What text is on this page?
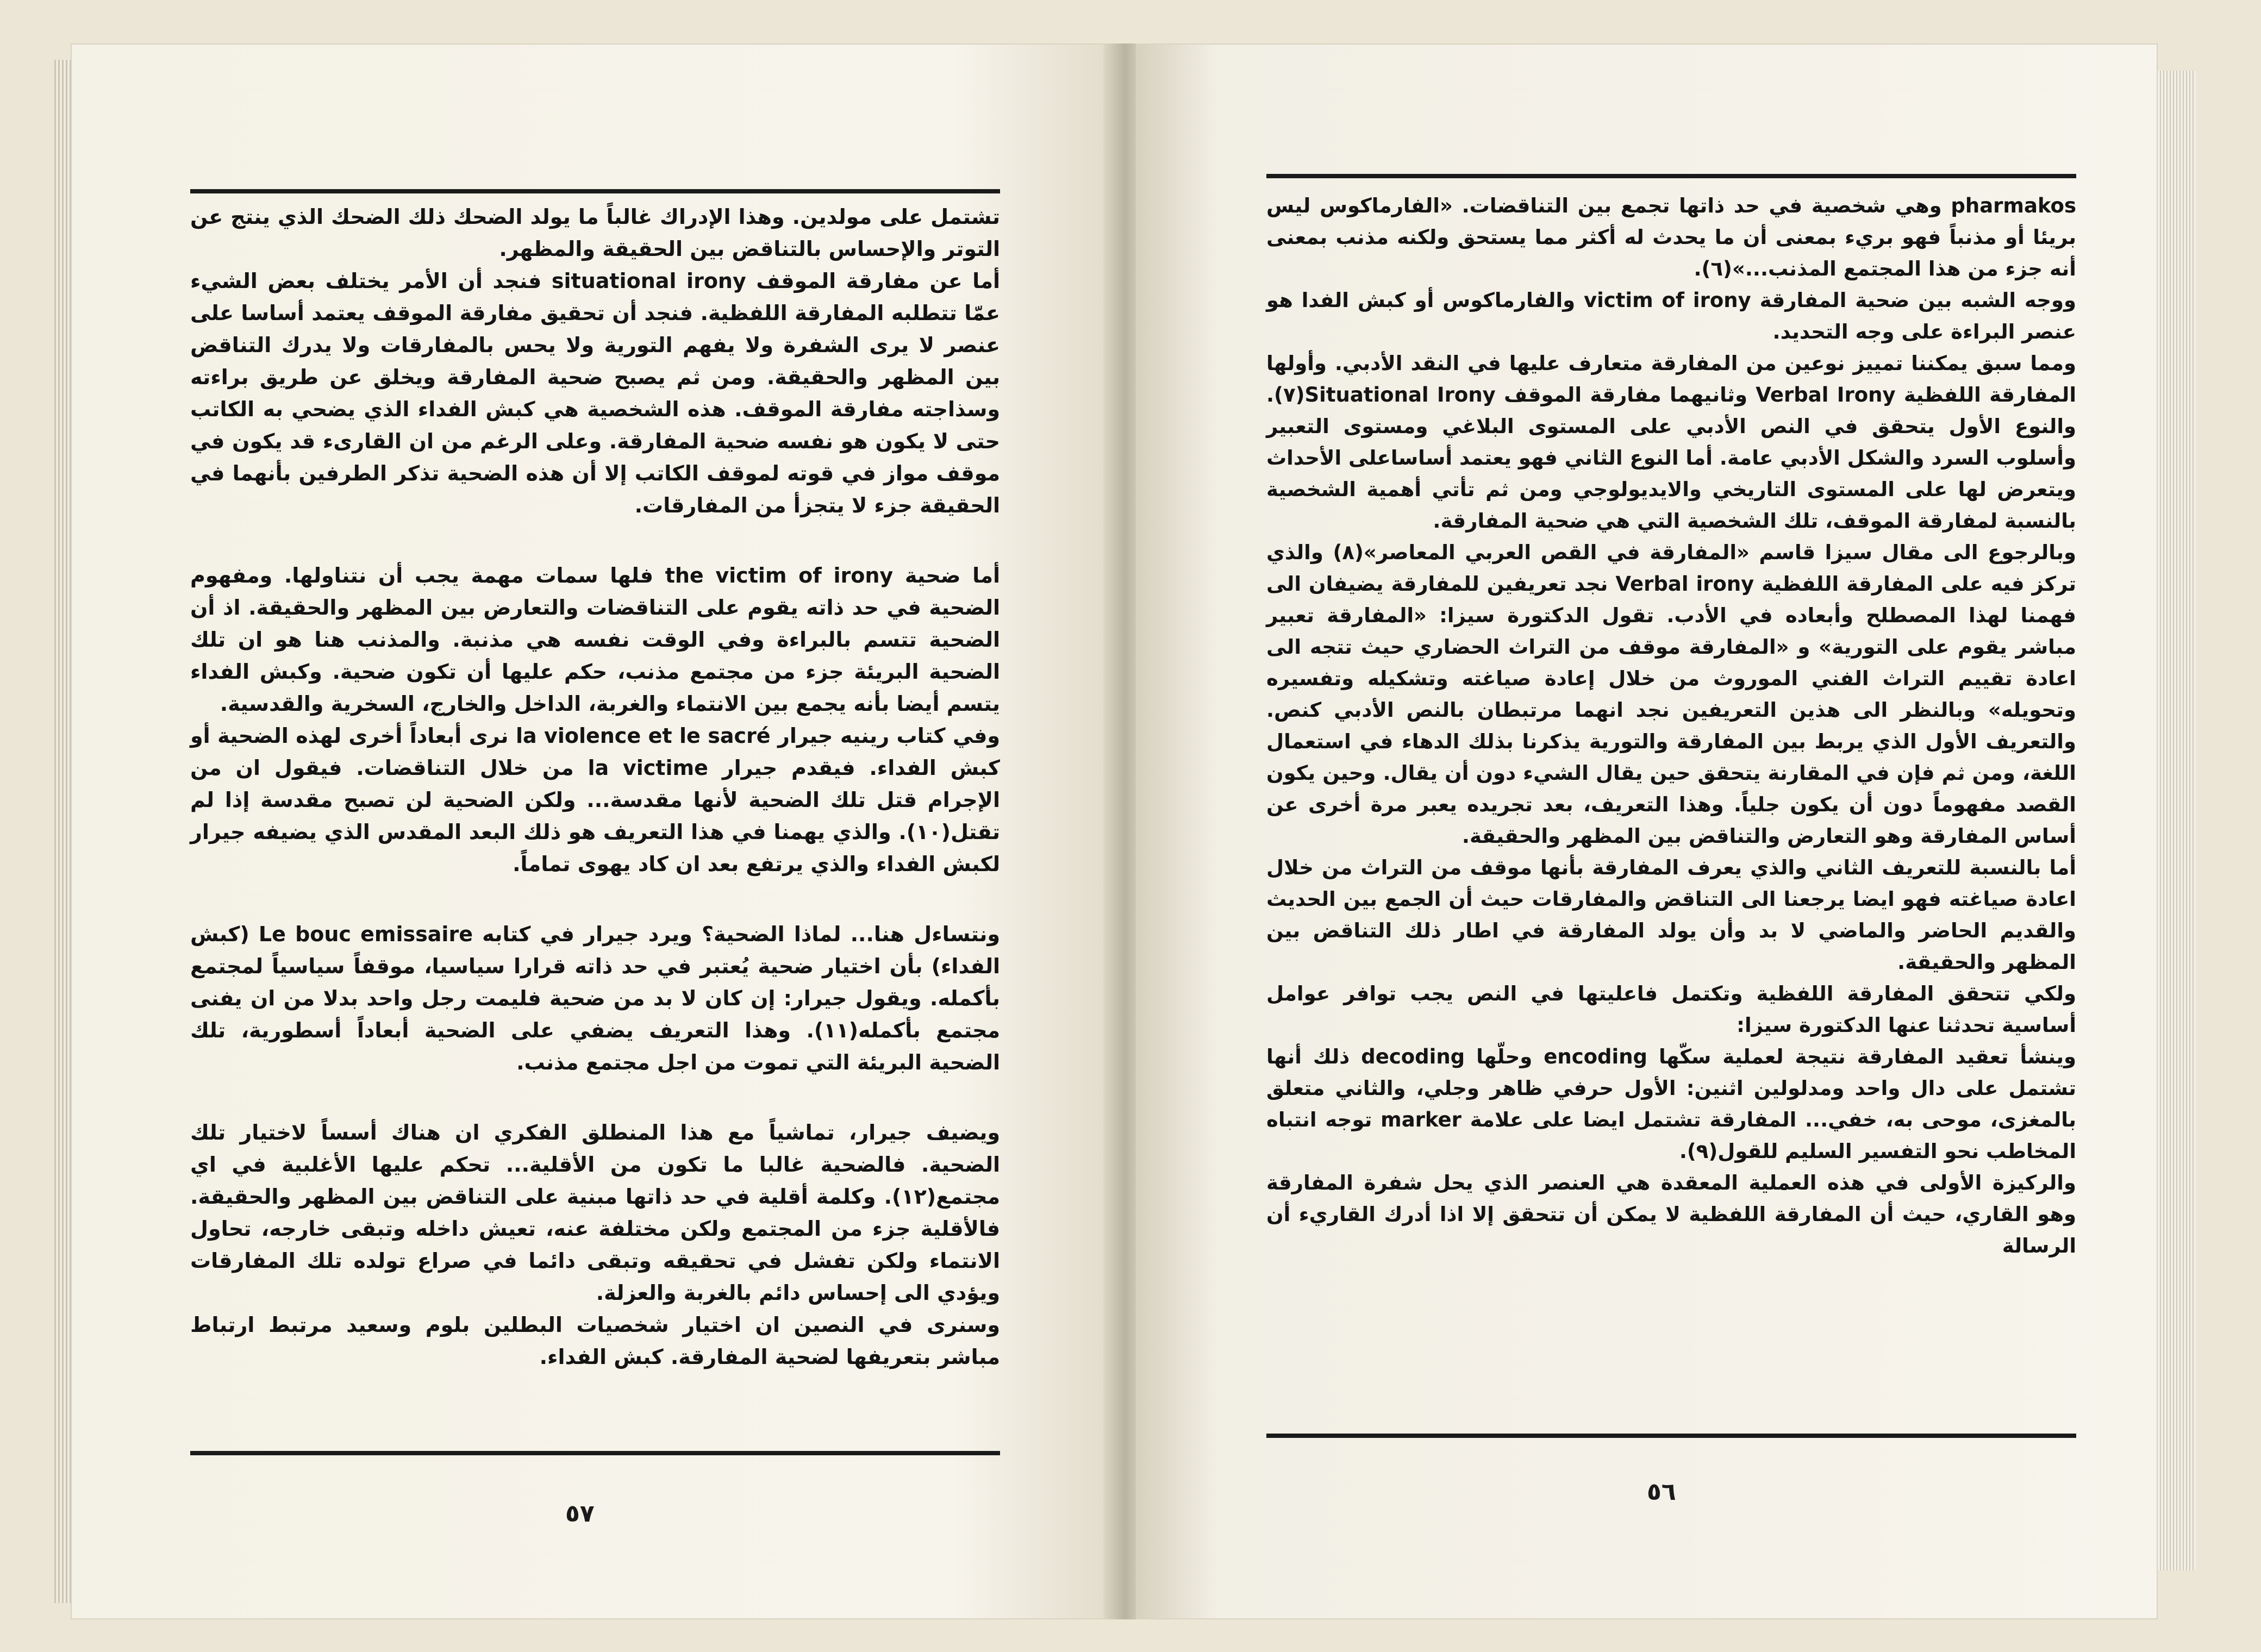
تشتمل على مولدين. وهذا الإدراك غالباً ما يولد الضحك ذلك الضحك الذي ينتج عن التوتر والإحساس بالتناقض بين الحقيقة والمظهر.

أما عن مفارقة الموقف situational irony فنجد أن الأمر يختلف بعض الشيء عمّا تتطلبه المفارقة اللفظية. فنجد أن تحقيق مفارقة الموقف يعتمد أساسا على عنصر لا يرى الشفرة ولا يفهم التورية ولا يحس بالمفارقات ولا يدرك التناقض بين المظهر والحقيقة. ومن ثم يصبح ضحية المفارقة ويخلق عن طريق براءته وسذاجته مفارقة الموقف. هذه الشخصية هي كبش الفداء الذي يضحي به الكاتب حتى لا يكون هو نفسه ضحية المفارقة. وعلى الرغم من ان القارىء قد يكون في موقف مواز في قوته لموقف الكاتب إلا أن هذه الضحية تذكر الطرفين بأنهما في الحقيقة جزء لا يتجزأ من المفارقات.

أما ضحية the victim of irony فلها سمات مهمة يجب أن نتناولها. ومفهوم الضحية في حد ذاته يقوم على التناقضات والتعارض بين المظهر والحقيقة. اذ أن الضحية تتسم بالبراءة وفي الوقت نفسه هي مذنبة. والمذنب هنا هو ان تلك الضحية البريئة جزء من مجتمع مذنب، حكم عليها أن تكون ضحية. وكبش الفداء يتسم أيضا بأنه يجمع بين الانتماء والغربة، الداخل والخارج، السخرية والقدسية.

وفي كتاب رينيه جيرار la violence et le sacré نرى أبعاداً أخرى لهذه الضحية أو كبش الفداء. فيقدم جيرار la victime من خلال التناقضات. فيقول ان من الإجرام قتل تلك الضحية لأنها مقدسة... ولكن الضحية لن تصبح مقدسة إذا لم تقتل(١٠). والذي يهمنا في هذا التعريف هو ذلك البعد المقدس الذي يضيفه جيرار لكبش الفداء والذي يرتفع بعد ان كاد يهوى تماماً.

ونتساءل هنا... لماذا الضحية؟ ويرد جيرار في كتابه Le bouc emissaire (كبش الفداء) بأن اختيار ضحية يُعتبر في حد ذاته قرارا سياسيا، موقفاً سياسياً لمجتمع بأكمله. ويقول جيرار: إن كان لا بد من ضحية فليمت رجل واحد بدلا من ان يفنى مجتمع بأكمله(١١). وهذا التعريف يضفي على الضحية أبعاداً أسطورية، تلك الضحية البريئة التي تموت من اجل مجتمع مذنب.

ويضيف جيرار، تماشياً مع هذا المنطلق الفكري ان هناك أسساً لاختيار تلك الضحية. فالضحية غالبا ما تكون من الأقلية... تحكم عليها الأغلبية في اي مجتمع(١٢). وكلمة أقلية في حد ذاتها مبنية على التناقض بين المظهر والحقيقة. فالأقلية جزء من المجتمع ولكن مختلفة عنه، تعيش داخله وتبقى خارجه، تحاول الانتماء ولكن تفشل في تحقيقه وتبقى دائما في صراع تولده تلك المفارقات ويؤدي الى إحساس دائم بالغربة والعزلة.

وسنرى في النصين ان اختيار شخصيات البطلين بلوم وسعيد مرتبط ارتباط مباشر بتعريفها لضحية المفارقة. كبش الفداء.

٥٧

pharmakos وهي شخصية في حد ذاتها تجمع بين التناقضات. «الفارماكوس ليس بريئا أو مذنباً فهو بريء بمعنى أن ما يحدث له أكثر مما يستحق ولكنه مذنب بمعنى أنه جزء من هذا المجتمع المذنب...»(٦).

ووجه الشبه بين ضحية المفارقة victim of irony والفارماكوس أو كبش الفدا هو عنصر البراءة على وجه التحديد.

ومما سبق يمكننا تمييز نوعين من المفارقة متعارف عليها في النقد الأدبي. وأولها المفارقة اللفظية Verbal Irony وثانيهما مفارقة الموقف Situational Irony(٧). والنوع الأول يتحقق في النص الأدبي على المستوى البلاغي ومستوى التعبير وأسلوب السرد والشكل الأدبي عامة. أما النوع الثاني فهو يعتمد أساساعلى الأحداث ويتعرض لها على المستوى التاريخي والايديولوجي ومن ثم تأتي أهمية الشخصية بالنسبة لمفارقة الموقف، تلك الشخصية التي هي ضحية المفارقة.

وبالرجوع الى مقال سيزا قاسم «المفارقة في القص العربي المعاصر»(٨) والذي تركز فيه على المفارقة اللفظية Verbal irony نجد تعريفين للمفارقة يضيفان الى فهمنا لهذا المصطلح وأبعاده في الأدب. تقول الدكتورة سيزا: «المفارقة تعبير مباشر يقوم على التورية» و «المفارقة موقف من التراث الحضاري حيث تتجه الى اعادة تقييم التراث الفني الموروث من خلال إعادة صياغته وتشكيله وتفسيره وتحويله» وبالنظر الى هذين التعريفين نجد انهما مرتبطان بالنص الأدبي كنص. والتعريف الأول الذي يربط بين المفارقة والتورية يذكرنا بذلك الدهاء في استعمال اللغة، ومن ثم فإن في المقارنة يتحقق حين يقال الشيء دون أن يقال. وحين يكون القصد مفهوماً دون أن يكون جلياً. وهذا التعريف، بعد تجريده يعبر مرة أخرى عن أساس المفارقة وهو التعارض والتناقض بين المظهر والحقيقة.

أما بالنسبة للتعريف الثاني والذي يعرف المفارقة بأنها موقف من التراث من خلال اعادة صياغته فهو ايضا يرجعنا الى التناقض والمفارقات حيث أن الجمع بين الحديث والقديم الحاضر والماضي لا بد وأن يولد المفارقة في اطار ذلك التناقض بين المظهر والحقيقة.

ولكي تتحقق المفارقة اللفظية وتكتمل فاعليتها في النص يجب توافر عوامل أساسية تحدثنا عنها الدكتورة سيزا:

وينشأ تعقيد المفارقة نتيجة لعملية سكّها encoding وحلّها decoding ذلك أنها تشتمل على دال واحد ومدلولين اثنين: الأول حرفي ظاهر وجلي، والثاني متعلق بالمغزى، موحى به، خفي... المفارقة تشتمل ايضا على علامة marker توجه انتباه المخاطب نحو التفسير السليم للقول(٩).

والركيزة الأولى في هذه العملية المعقدة هي العنصر الذي يحل شفرة المفارقة وهو القاري، حيث أن المفارقة اللفظية لا يمكن أن تتحقق إلا اذا أدرك القاريء أن الرسالة

٥٦
